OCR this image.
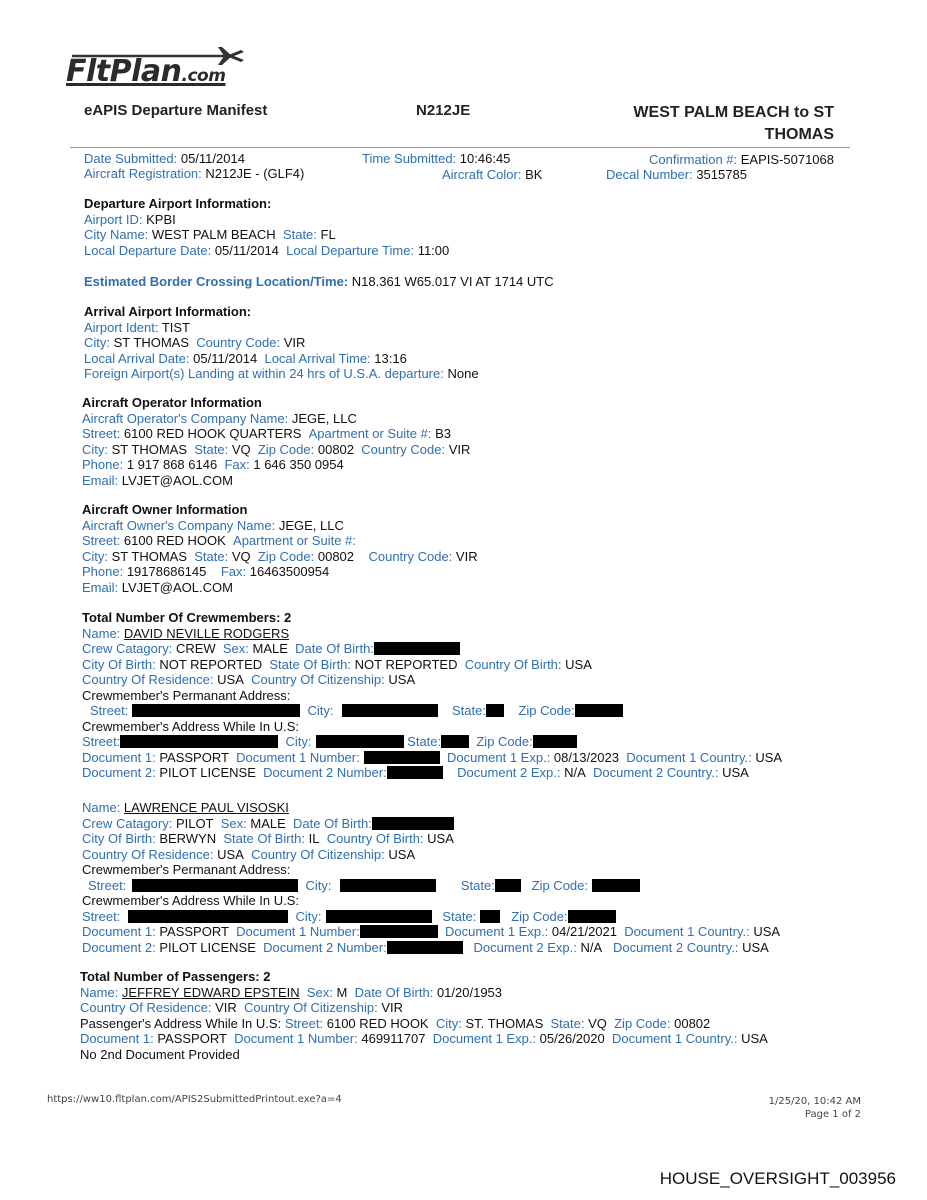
FltPlan.com
eAPIS Departure Manifest	N212JE	WEST PALM BEACH to ST
THOMAS
Date Submitted: 05/11/2014	Time Submitted: 10:46:45	Confirmation #: EAPIS-5071068
Aircraft Registration: N212JE - (GLF4)	Aircraft Color: BK	Decal Number: 3515785
Departure Airport Information:
Airport ID: KPBI
City Name: WEST PALM BEACH State: FL
Local Departure Date: 05/11/2014 Local Departure Time: 11:00
Estimated Border Crossing Location/Time: N18.361 W65.017 VI AT 1714 UTC
Arrival Airport Information:
Airport Ident: TIST
City: ST THOMAS Country Code: VIR
Local Arrival Date: 05/11/2014 Local Arrival Time: 13:16
Foreign Airport(s) Landing at within 24 hrs of U.S.A. departure: None
Aircraft Operator Information
Aircraft Operator's Company Name: JEGE, LLC
Street: 6100 RED HOOK QUARTERS Apartment or Suite #: B3
City: ST THOMAS State: VQ Zip Code: 00802 Country Code: VIR
Phone: 1 917 868 6146 Fax: 1 646 350 0954
Email: LVJET@AOL.COM
Aircraft Owner Information
Aircraft Owner's Company Name: JEGE, LLC
Street: 6100 RED HOOK Apartment or Suite #:
City: ST THOMAS State: VQ Zip Code: 00802 Country Code: VIR
Phone: 19178686145 Fax: 16463500954
Email: LVJET@AOL.COM
Total Number Of Crewmembers: 2
Name: DAVID NEVILLE RODGERS
Crew Catagory: CREW Sex: MALE Date Of Birth:
City Of Birth: NOT REPORTED State Of Birth: NOT REPORTED Country Of Birth: USA
Country Of Residence: USA Country Of Citizenship: USA
Crewmember's Permanant Address:
Street:	City:	State: Zip Code:
Crewmember's Address While In U.S:
Street:	City:	State:	Zip Code:
Document 1: PASSPORT Document 1 Number:	Document 1 Exp.: 08/13/2023 Document 1 Country.: USA
Document 2: PILOT LICENSE Document 2 Number:	Document 2 Exp.: N/A Document 2 Country.: USA
Name: LAWRENCE PAUL VISOSKI
Crew Catagory: PILOT Sex: MALE Date Of Birth:
City Of Birth: BERWYN State Of Birth: IL Country Of Birth: USA
Country Of Residence: USA Country Of Citizenship: USA
Crewmember's Permanant Address:
Street:	City:	State:	Zip Code:
Crewmember's Address While In U.S:
Street:	City:	State:	Zip Code:
Document 1: PASSPORT Document 1 Number:	Document 1 Exp.: 04/21/2021 Document 1 Country.: USA
Document 2: PILOT LICENSE Document 2 Number:	Document 2 Exp.: N/A Document 2 Country.: USA
Total Number of Passengers: 2
Name: JEFFREY EDWARD EPSTEIN Sex: M Date Of Birth: 01/20/1953
Country Of Residence: VIR Country Of Citizenship: VIR
Passenger's Address While In U.S: Street: 6100 RED HOOK City: ST. THOMAS State: VQ Zip Code: 00802
Document 1: PASSPORT Document 1 Number: 469911707 Document 1 Exp.: 05/26/2020 Document 1 Country.: USA
No 2nd Document Provided
https://ww10.fltplan.com/APIS2SubmittedPrintout.exe?a=4	1/25/20, 10:42 AM
Page 1 of 2
HOUSE_OVERSIGHT_003956
